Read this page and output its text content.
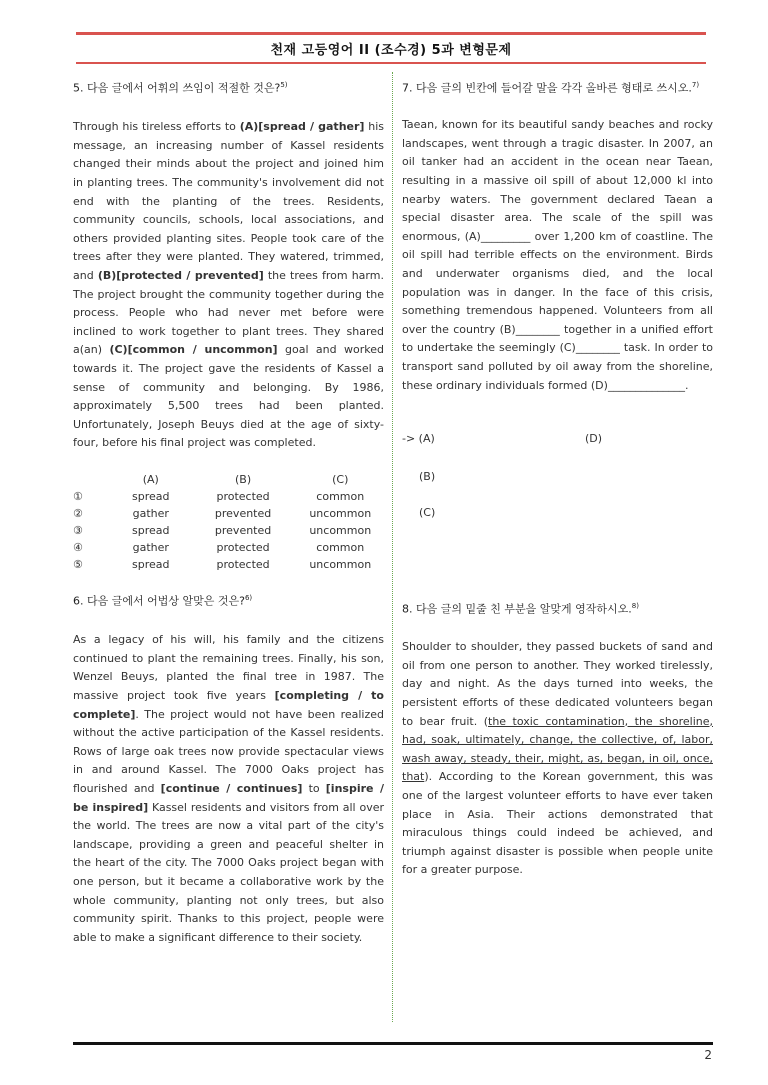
천재 고등영어 II (조수경) 5과 변형문제
5. 다음 글에서 어휘의 쓰임이 적절한 것은?$^{5)}$

Through his tireless efforts to (A)[spread / gather] his message, an increasing number of Kassel residents changed their minds about the project and joined him in planting trees. The community's involvement did not end with the planting of the trees. Residents, community councils, schools, local associations, and others provided planting sites. People took care of the trees after they were planted. They watered, trimmed, and (B)[protected / prevented] the trees from harm. The project brought the community together during the process. People who had never met before were inclined to work together to plant trees. They shared a(an) (C)[common / uncommon] goal and worked towards it. The project gave the residents of Kassel a sense of community and belonging. By 1986, approximately 5,500 trees had been planted. Unfortunately, Joseph Beuys died at the age of sixty-four, before his final project was completed.

(A)	(B)	(C)
①	spread	protected	common
②	gather	prevented	uncommon
③	spread	prevented	uncommon
④	gather	protected	common
⑤	spread	protected	uncommon
6. 다음 글에서 어법상 알맞은 것은?$^{6)}$

As a legacy of his will, his family and the citizens continued to plant the remaining trees. Finally, his son, Wenzel Beuys, planted the final tree in 1987. The massive project took five years [completing / to complete]. The project would not have been realized without the active participation of the Kassel residents. Rows of large oak trees now provide spectacular views in and around Kassel. The 7000 Oaks project has flourished and [continue / continues] to [inspire / be inspired] Kassel residents and visitors from all over the world. The trees are now a vital part of the city's landscape, providing a green and peaceful shelter in the heart of the city. The 7000 Oaks project began with one person, but it became a collaborative work by the whole community, planting not only trees, but also community spirit. Thanks to this project, people were able to make a significant difference to their society.

7. 다음 글의 빈칸에 들어갈 말을 각각 올바른 형태로 쓰시오.$^{7)}$

Taean, known for its beautiful sandy beaches and rocky landscapes, went through a tragic disaster. In 2007, an oil tanker had an accident in the ocean near Taean, resulting in a massive oil spill of about 12,000 kl into nearby waters. The government declared Taean a special disaster area. The scale of the spill was enormous, (A)_________ over 1,200 km of coastline. The oil spill had terrible effects on the environment. Birds and underwater organisms died, and the local population was in danger. In the face of this crisis, something tremendous happened. Volunteers from all over the country (B)________ together in a unified effort to undertake the seemingly (C)________ task. In order to transport sand polluted by oil away from the shoreline, these ordinary individuals formed (D)______________.

-> (A)	(D)
(B)
(C)
8. 다음 글의 밑줄 친 부분을 알맞게 영작하시오.$^{8)}$

Shoulder to shoulder, they passed buckets of sand and oil from one person to another. They worked tirelessly, day and night. As the days turned into weeks, the persistent efforts of these dedicated volunteers began to bear fruit. (the toxic contamination, the shoreline, had, soak, ultimately, change, the collective, of, labor, wash away, steady, their, might, as, began, in oil, once, that). According to the Korean government, this was one of the largest volunteer efforts to have ever taken place in Asia. Their actions demonstrated that miraculous things could indeed be achieved, and triumph against disaster is possible when people unite for a greater purpose.

2
